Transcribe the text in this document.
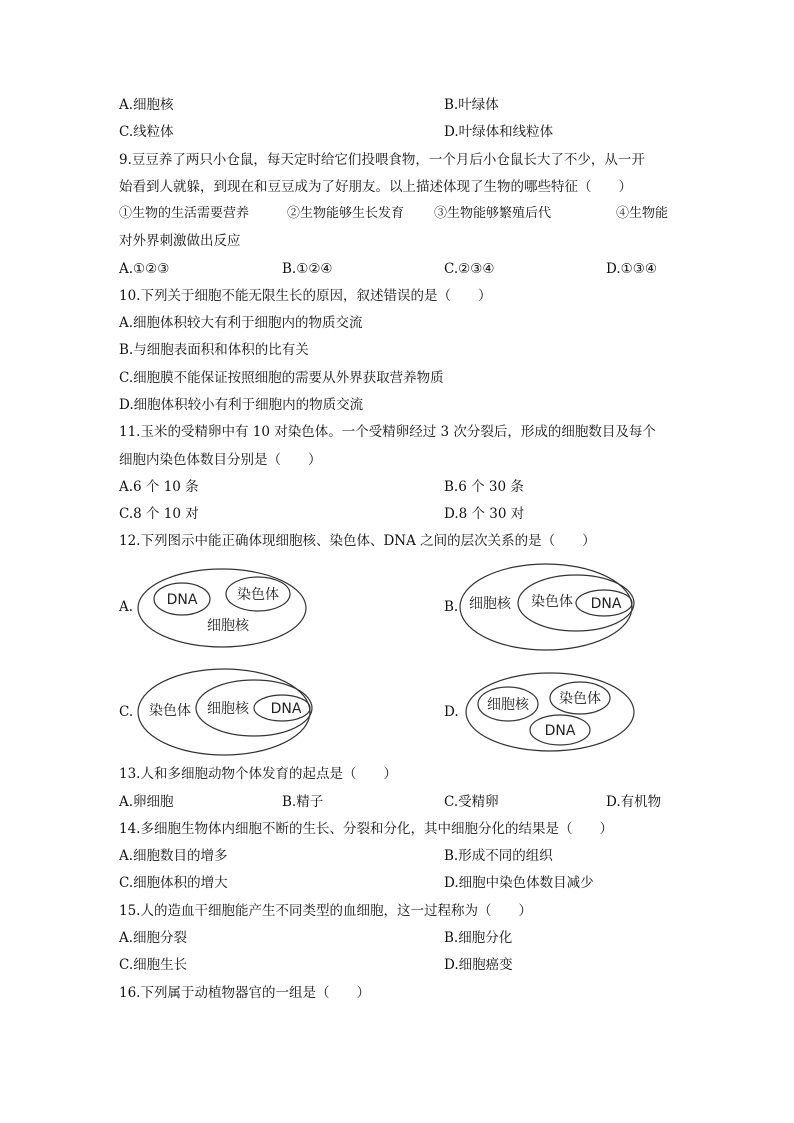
A.细胞核	B.叶绿体
C.线粒体	D.叶绿体和线粒体
9.豆豆养了两只小仓鼠，每天定时给它们投喂食物，一个月后小仓鼠长大了不少，从一开
始看到人就躲，到现在和豆豆成为了好朋友。以上描述体现了生物的哪些特征（　　）
①生物的生活需要营养	②生物能够生长发育 ③生物能够繁殖后代	④生物能
对外界刺激做出反应
A.①②③	B.①②④	C.②③④	D.①③④
10.下列关于细胞不能无限生长的原因，叙述错误的是（　　）
A.细胞体积较大有利于细胞内的物质交流
B.与细胞表面积和体积的比有关
C.细胞膜不能保证按照细胞的需要从外界获取营养物质
D.细胞体积较小有利于细胞内的物质交流
11.玉米的受精卵中有 10 对染色体。一个受精卵经过 3 次分裂后，形成的细胞数目及每个
细胞内染色体数目分别是（　　）
A.6 个 10 条	B.6 个 30 条
C.8 个 10 对	D.8 个 30 对
12.下列图示中能正确体现细胞核、染色体、DNA 之间的层次关系的是（　　）
A. DNA	染色体
细胞核
B. 细胞核 染色体 DNA
C. 染色体 细胞核 DNA	D. 细胞核 染色体
DNA
13.人和多细胞动物个体发育的起点是（　　）
A.卵细胞	B.精子	C.受精卵	D.有机物
14.多细胞生物体内细胞不断的生长、分裂和分化，其中细胞分化的结果是（　　）
A.细胞数目的增多	B.形成不同的组织
C.细胞体积的增大	D.细胞中染色体数目减少
15.人的造血干细胞能产生不同类型的血细胞，这一过程称为（　　）
A.细胞分裂	B.细胞分化
C.细胞生长	D.细胞癌变
16.下列属于动植物器官的一组是（　　）
